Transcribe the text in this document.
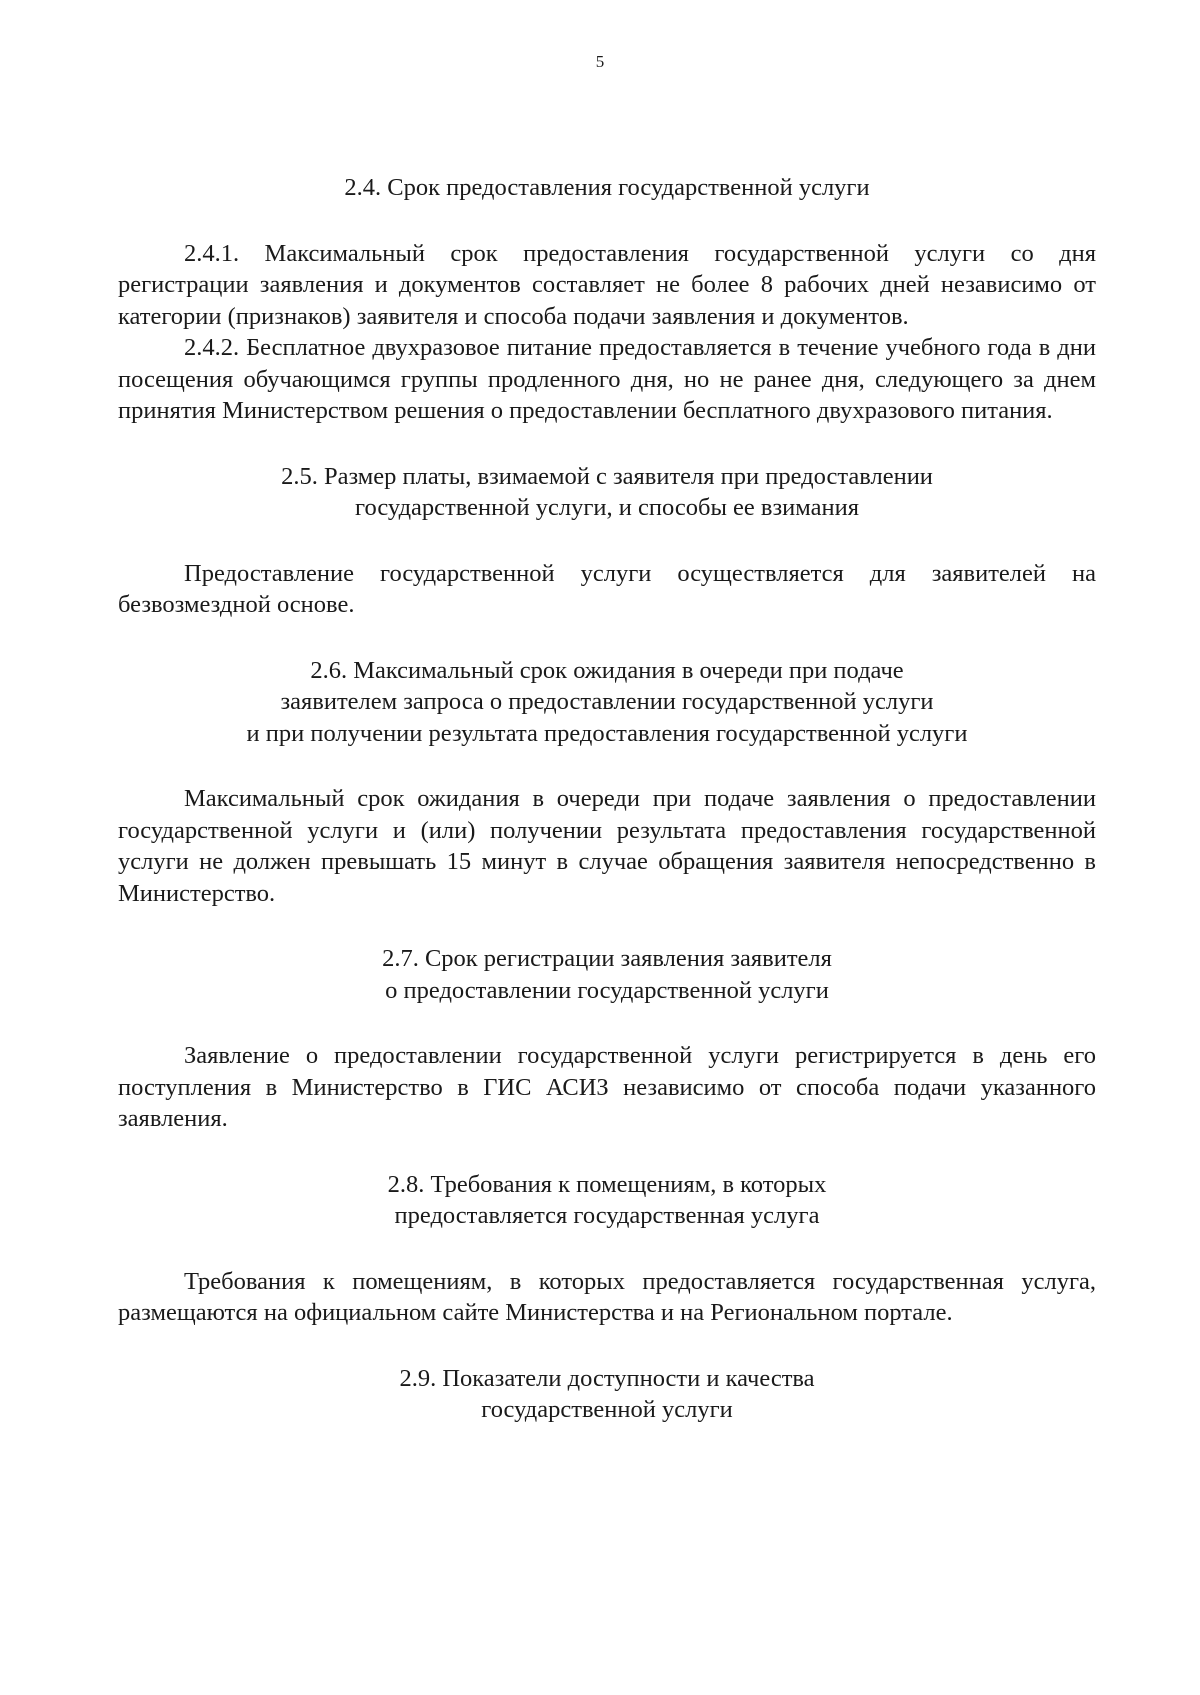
5
2.4. Срок предоставления государственной услуги

2.4.1. Максимальный срок предоставления государственной услуги со дня регистрации заявления и документов составляет не более 8 рабочих дней независимо от категории (признаков) заявителя и способа подачи заявления и документов.

2.4.2. Бесплатное двухразовое питание предоставляется в течение учебного года в дни посещения обучающимся группы продленного дня, но не ранее дня, следующего за днем принятия Министерством решения о предоставлении бесплатного двухразового питания.

2.5. Размер платы, взимаемой с заявителя при предоставлении
государственной услуги, и способы ее взимания

Предоставление государственной услуги осуществляется для заявителей на безвозмездной основе.

2.6. Максимальный срок ожидания в очереди при подаче
заявителем запроса о предоставлении государственной услуги
и при получении результата предоставления государственной услуги

Максимальный срок ожидания в очереди при подаче заявления о предоставлении государственной услуги и (или) получении результата предоставления государственной услуги не должен превышать 15 минут в случае обращения заявителя непосредственно в Министерство.

2.7. Срок регистрации заявления заявителя
о предоставлении государственной услуги

Заявление о предоставлении государственной услуги регистрируется в день его поступления в Министерство в ГИС АСИЗ независимо от способа подачи указанного заявления.

2.8. Требования к помещениям, в которых
предоставляется государственная услуга

Требования к помещениям, в которых предоставляется государственная услуга, размещаются на официальном сайте Министерства и на Региональном портале.

2.9. Показатели доступности и качества
государственной услуги
